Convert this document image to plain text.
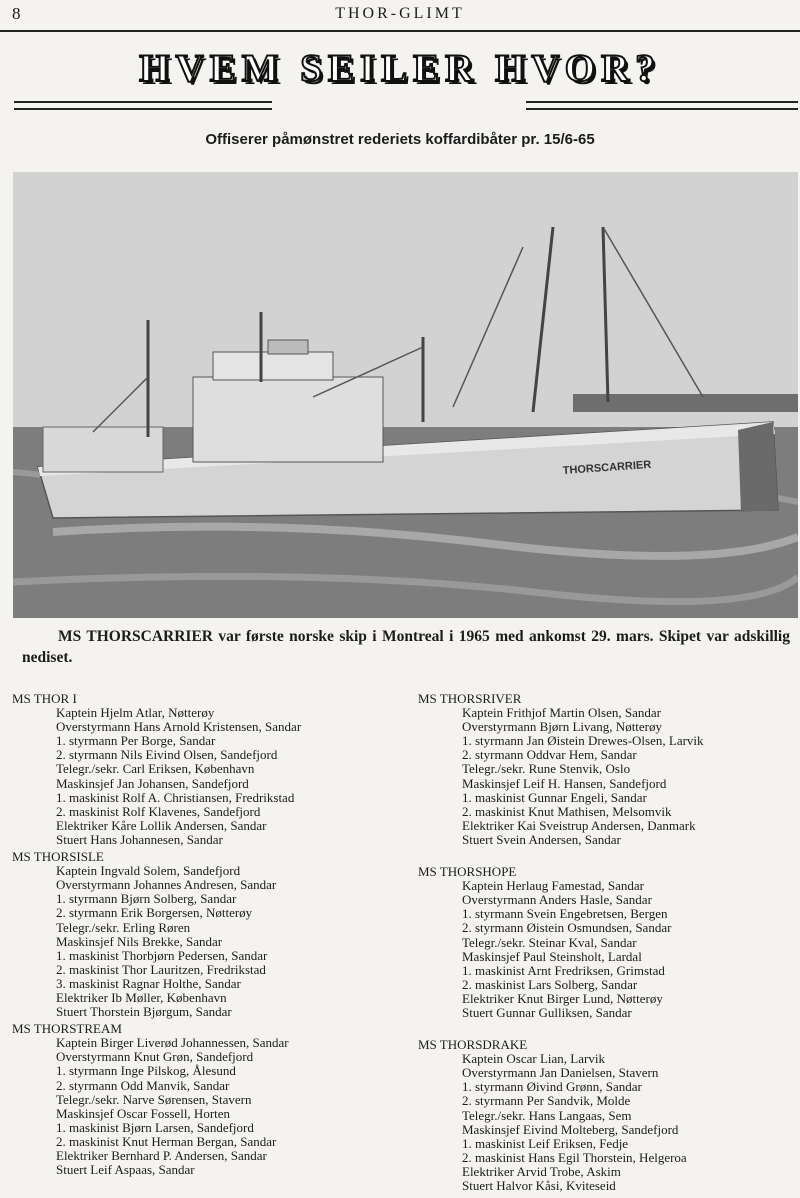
8	THOR-GLIMT
HVEM SEILER HVOR?
Offiserer påmønstret rederiets koffardibåter pr. 15/6-65
THORSCARRIER
MS THORSCARRIER var første norske skip i Montreal i 1965 med ankomst 29. mars. Skipet var adskillig nediset.
MS THOR I
Kaptein Hjelm Atlar, Nøtterøy
Overstyrmann Hans Arnold Kristensen, Sandar
1. styrmann Per Borge, Sandar
2. styrmann Nils Eivind Olsen, Sandefjord
Telegr./sekr. Carl Eriksen, København
Maskinsjef Jan Johansen, Sandefjord
1. maskinist Rolf A. Christiansen, Fredrikstad
2. maskinist Rolf Klavenes, Sandefjord
Elektriker Kåre Lollik Andersen, Sandar
Stuert Hans Johannesen, Sandar
MS THORSISLE
Kaptein Ingvald Solem, Sandefjord
Overstyrmann Johannes Andresen, Sandar
1. styrmann Bjørn Solberg, Sandar
2. styrmann Erik Borgersen, Nøtterøy
Telegr./sekr. Erling Røren
Maskinsjef Nils Brekke, Sandar
1. maskinist Thorbjørn Pedersen, Sandar
2. maskinist Thor Lauritzen, Fredrikstad
3. maskinist Ragnar Holthe, Sandar
Elektriker Ib Møller, København
Stuert Thorstein Bjørgum, Sandar
MS THORSTREAM
Kaptein Birger Liverød Johannessen, Sandar
Overstyrmann Knut Grøn, Sandefjord
1. styrmann Inge Pilskog, Ålesund
2. styrmann Odd Manvik, Sandar
Telegr./sekr. Narve Sørensen, Stavern
Maskinsjef Oscar Fossell, Horten
1. maskinist Bjørn Larsen, Sandefjord
2. maskinist Knut Herman Bergan, Sandar
Elektriker Bernhard P. Andersen, Sandar
Stuert Leif Aspaas, Sandar
MS THORSRIVER
Kaptein Frithjof Martin Olsen, Sandar
Overstyrmann Bjørn Livang, Nøtterøy
1. styrmann Jan Øistein Drewes-Olsen, Larvik
2. styrmann Oddvar Hem, Sandar
Telegr./sekr. Rune Stenvik, Oslo
Maskinsjef Leif H. Hansen, Sandefjord
1. maskinist Gunnar Engeli, Sandar
2. maskinist Knut Mathisen, Melsomvik
Elektriker Kai Sveistrup Andersen, Danmark
Stuert Svein Andersen, Sandar
MS THORSHOPE
Kaptein Herlaug Famestad, Sandar
Overstyrmann Anders Hasle, Sandar
1. styrmann Svein Engebretsen, Bergen
2. styrmann Øistein Osmundsen, Sandar
Telegr./sekr. Steinar Kval, Sandar
Maskinsjef Paul Steinsholt, Lardal
1. maskinist Arnt Fredriksen, Grimstad
2. maskinist Lars Solberg, Sandar
Elektriker Knut Birger Lund, Nøtterøy
Stuert Gunnar Gulliksen, Sandar
MS THORSDRAKE
Kaptein Oscar Lian, Larvik
Overstyrmann Jan Danielsen, Stavern
1. styrmann Øivind Grønn, Sandar
2. styrmann Per Sandvik, Molde
Telegr./sekr. Hans Langaas, Sem
Maskinsjef Eivind Molteberg, Sandefjord
1. maskinist Leif Eriksen, Fedje
2. maskinist Hans Egil Thorstein, Helgeroa
Elektriker Arvid Trobe, Askim
Stuert Halvor Kåsi, Kviteseid
